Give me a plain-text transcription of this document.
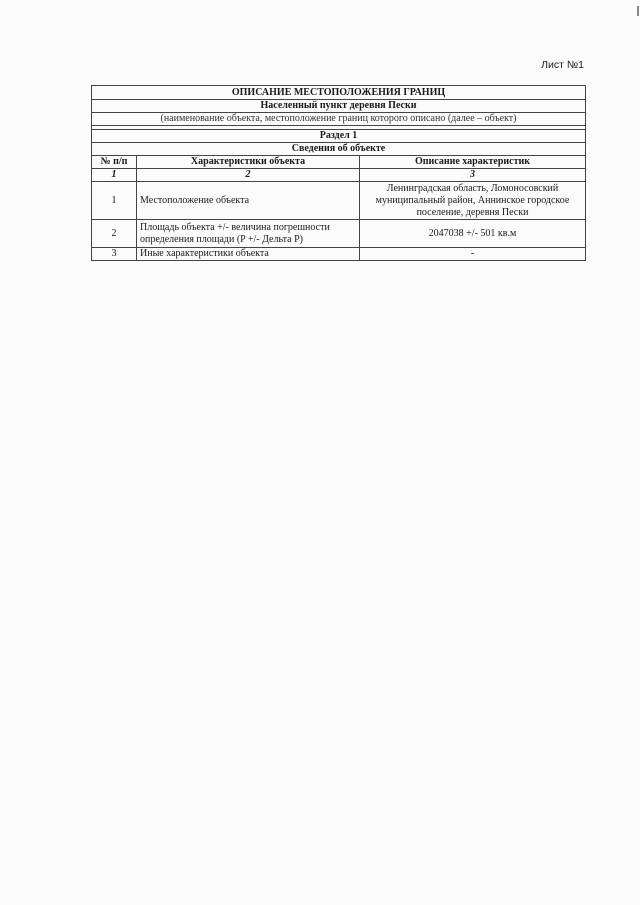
Лист №1
ОПИСАНИЕ МЕСТОПОЛОЖЕНИЯ ГРАНИЦ		
Населенный пункт деревня Пески		
(наименование объекта, местоположение границ которого описано (далее – объект)		

Раздел 1		
Сведения об объекте		
№ п/п	Характеристики объекта	Описание характеристик
1	2	3
1	Местоположение объекта	Ленинградская область, Ломоносовский муниципальный район, Аннинское городское поселение, деревня Пески
2	Площадь объекта +/- величина погрешности определения площади (P +/- Дельта P)	2047038 +/- 501 кв.м
3	Иные характеристики объекта	-
